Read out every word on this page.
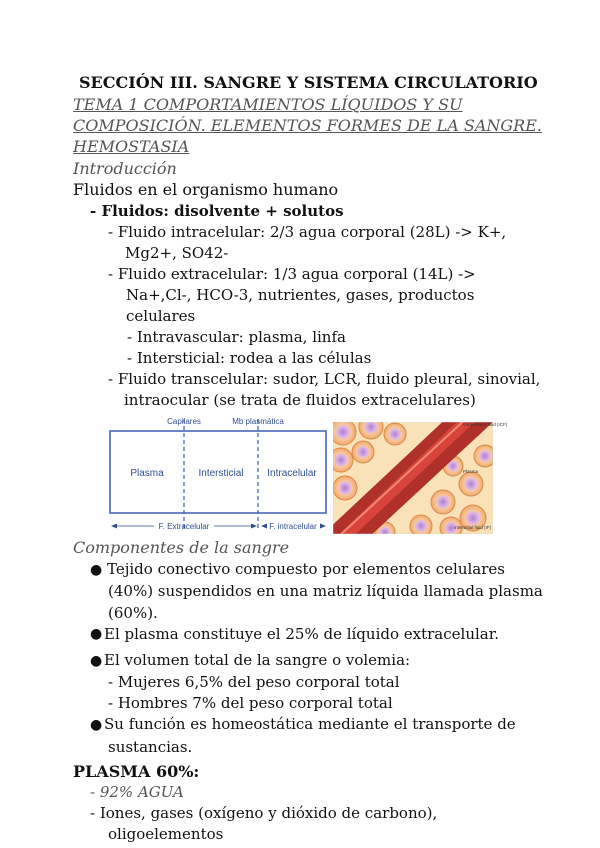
SECCIÓN III. SANGRE Y SISTEMA CIRCULATORIO
TEMA 1 COMPORTAMIENTOS LÍQUIDOS Y SU
COMPOSICIÓN. ELEMENTOS FORMES DE LA SANGRE.
HEMOSTASIA
Introducción
Fluidos en el organismo humano
- Fluidos: disolvente + solutos
- Fluido intracelular: 2/3 agua corporal (28L) -> K+,
Mg2+, SO42-
- Fluido extracelular: 1/3 agua corporal (14L) ->
Na+,Cl-, HCO-3, nutrientes, gases, productos
celulares
- Intravascular: plasma, linfa
- Intersticial: rodea a las células
- Fluido transcelular: sudor, LCR, fluido pleural, sinovial,
intraocular (se trata de fluidos extracelulares)
Capilares	Mb plasmática
Plasma	Intersticial Intracelular
F. Extracelular	F. intracelular
Intracellular fluid (ICF)
Plasma
Interstitial fluid (IF)
Componentes de la sangre
● Tejido conectivo compuesto por elementos celulares
(40%) suspendidos en una matriz líquida llamada plasma
(60%).
● El plasma constituye el 25% de líquido extracelular.
● El volumen total de la sangre o volemia:
- Mujeres 6,5% del peso corporal total
- Hombres 7% del peso corporal total
● Su función es homeostática mediante el transporte de
sustancias.
PLASMA 60%:
- 92% AGUA
- Iones, gases (oxígeno y dióxido de carbono),
oligoelementos
